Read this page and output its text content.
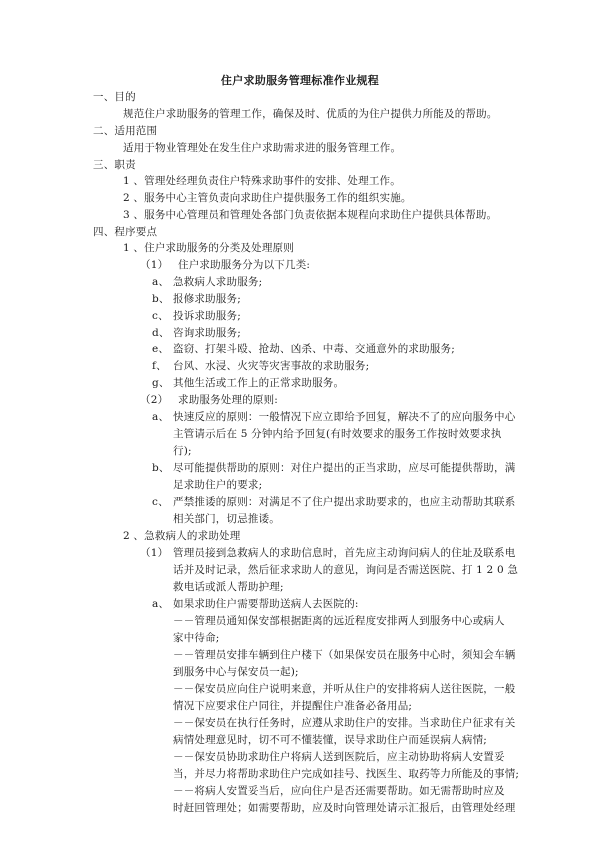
住户求助服务管理标准作业规程
一、目的
规范住户求助服务的管理工作，确保及时、优质的为住户提供力所能及的帮助。
二、适用范围
适用于物业管理处在发生住户求助需求进的服务管理工作。
三、职责
1 、管理处经理负责住户特殊求助事件的安排、处理工作。
2 、服务中心主管负责向求助住户提供服务工作的组织实施。
3 、服务中心管理员和管理处各部门负责依据本规程向求助住户提供具体帮助。
四、程序要点
1 、住户求助服务的分类及处理原则
（1） 住户求助服务分为以下几类:
a、 急救病人求助服务;
b、 报修求助服务;
c、 投诉求助服务;
d、 咨询求助服务;
e、 盗窃、打架斗殴、抢劫、凶杀、中毒、交通意外的求助服务;
f、 台风、水浸、火灾等灾害事故的求助服务;
g、 其他生活或工作上的正常求助服务。
（2） 求助服务处理的原则:
a、 快速反应的原则：一般情况下应立即给予回复，解决不了的应向服务中心
主管请示后在 5 分钟内给予回复(有时效要求的服务工作按时效要求执
行);
b、 尽可能提供帮助的原则：对住户提出的正当求助，应尽可能提供帮助，满
足求助住户的要求;
c、 严禁推诿的原则：对满足不了住户提出求助要求的，也应主动帮助其联系
相关部门，切忌推诿。
2 、急救病人的求助处理
（1） 管理员接到急救病人的求助信息时，首先应主动询问病人的住址及联系电
话并及时记录，然后征求求助人的意见，询问是否需送医院、打 1 2 0 急
救电话或派人帮助护理;
a、 如果求助住户需要帮助送病人去医院的:
－－管理员通知保安部根据距离的远近程度安排两人到服务中心或病人
家中待命;
－－管理员安排车辆到住户楼下（如果保安员在服务中心时，须知会车辆
到服务中心与保安员一起);
－－保安员应向住户说明来意，并听从住户的安排将病人送往医院，一般
情况下应要求住户同往，并提醒住户准备必备用品;
－－保安员在执行任务时，应遵从求助住户的安排。当求助住户征求有关
病情处理意见时，切不可不懂装懂，误导求助住户而延误病人病情;
－－保安员协助求助住户将病人送到医院后，应主动协助将病人安置妥
当，并尽力将帮助求助住户完成如挂号、找医生、取药等力所能及的事情;
－－将病人安置妥当后，应向住户是否还需要帮助。如无需帮助时应及
时赶回管理处；如需要帮助，应及时向管理处请示汇报后，由管理处经理
